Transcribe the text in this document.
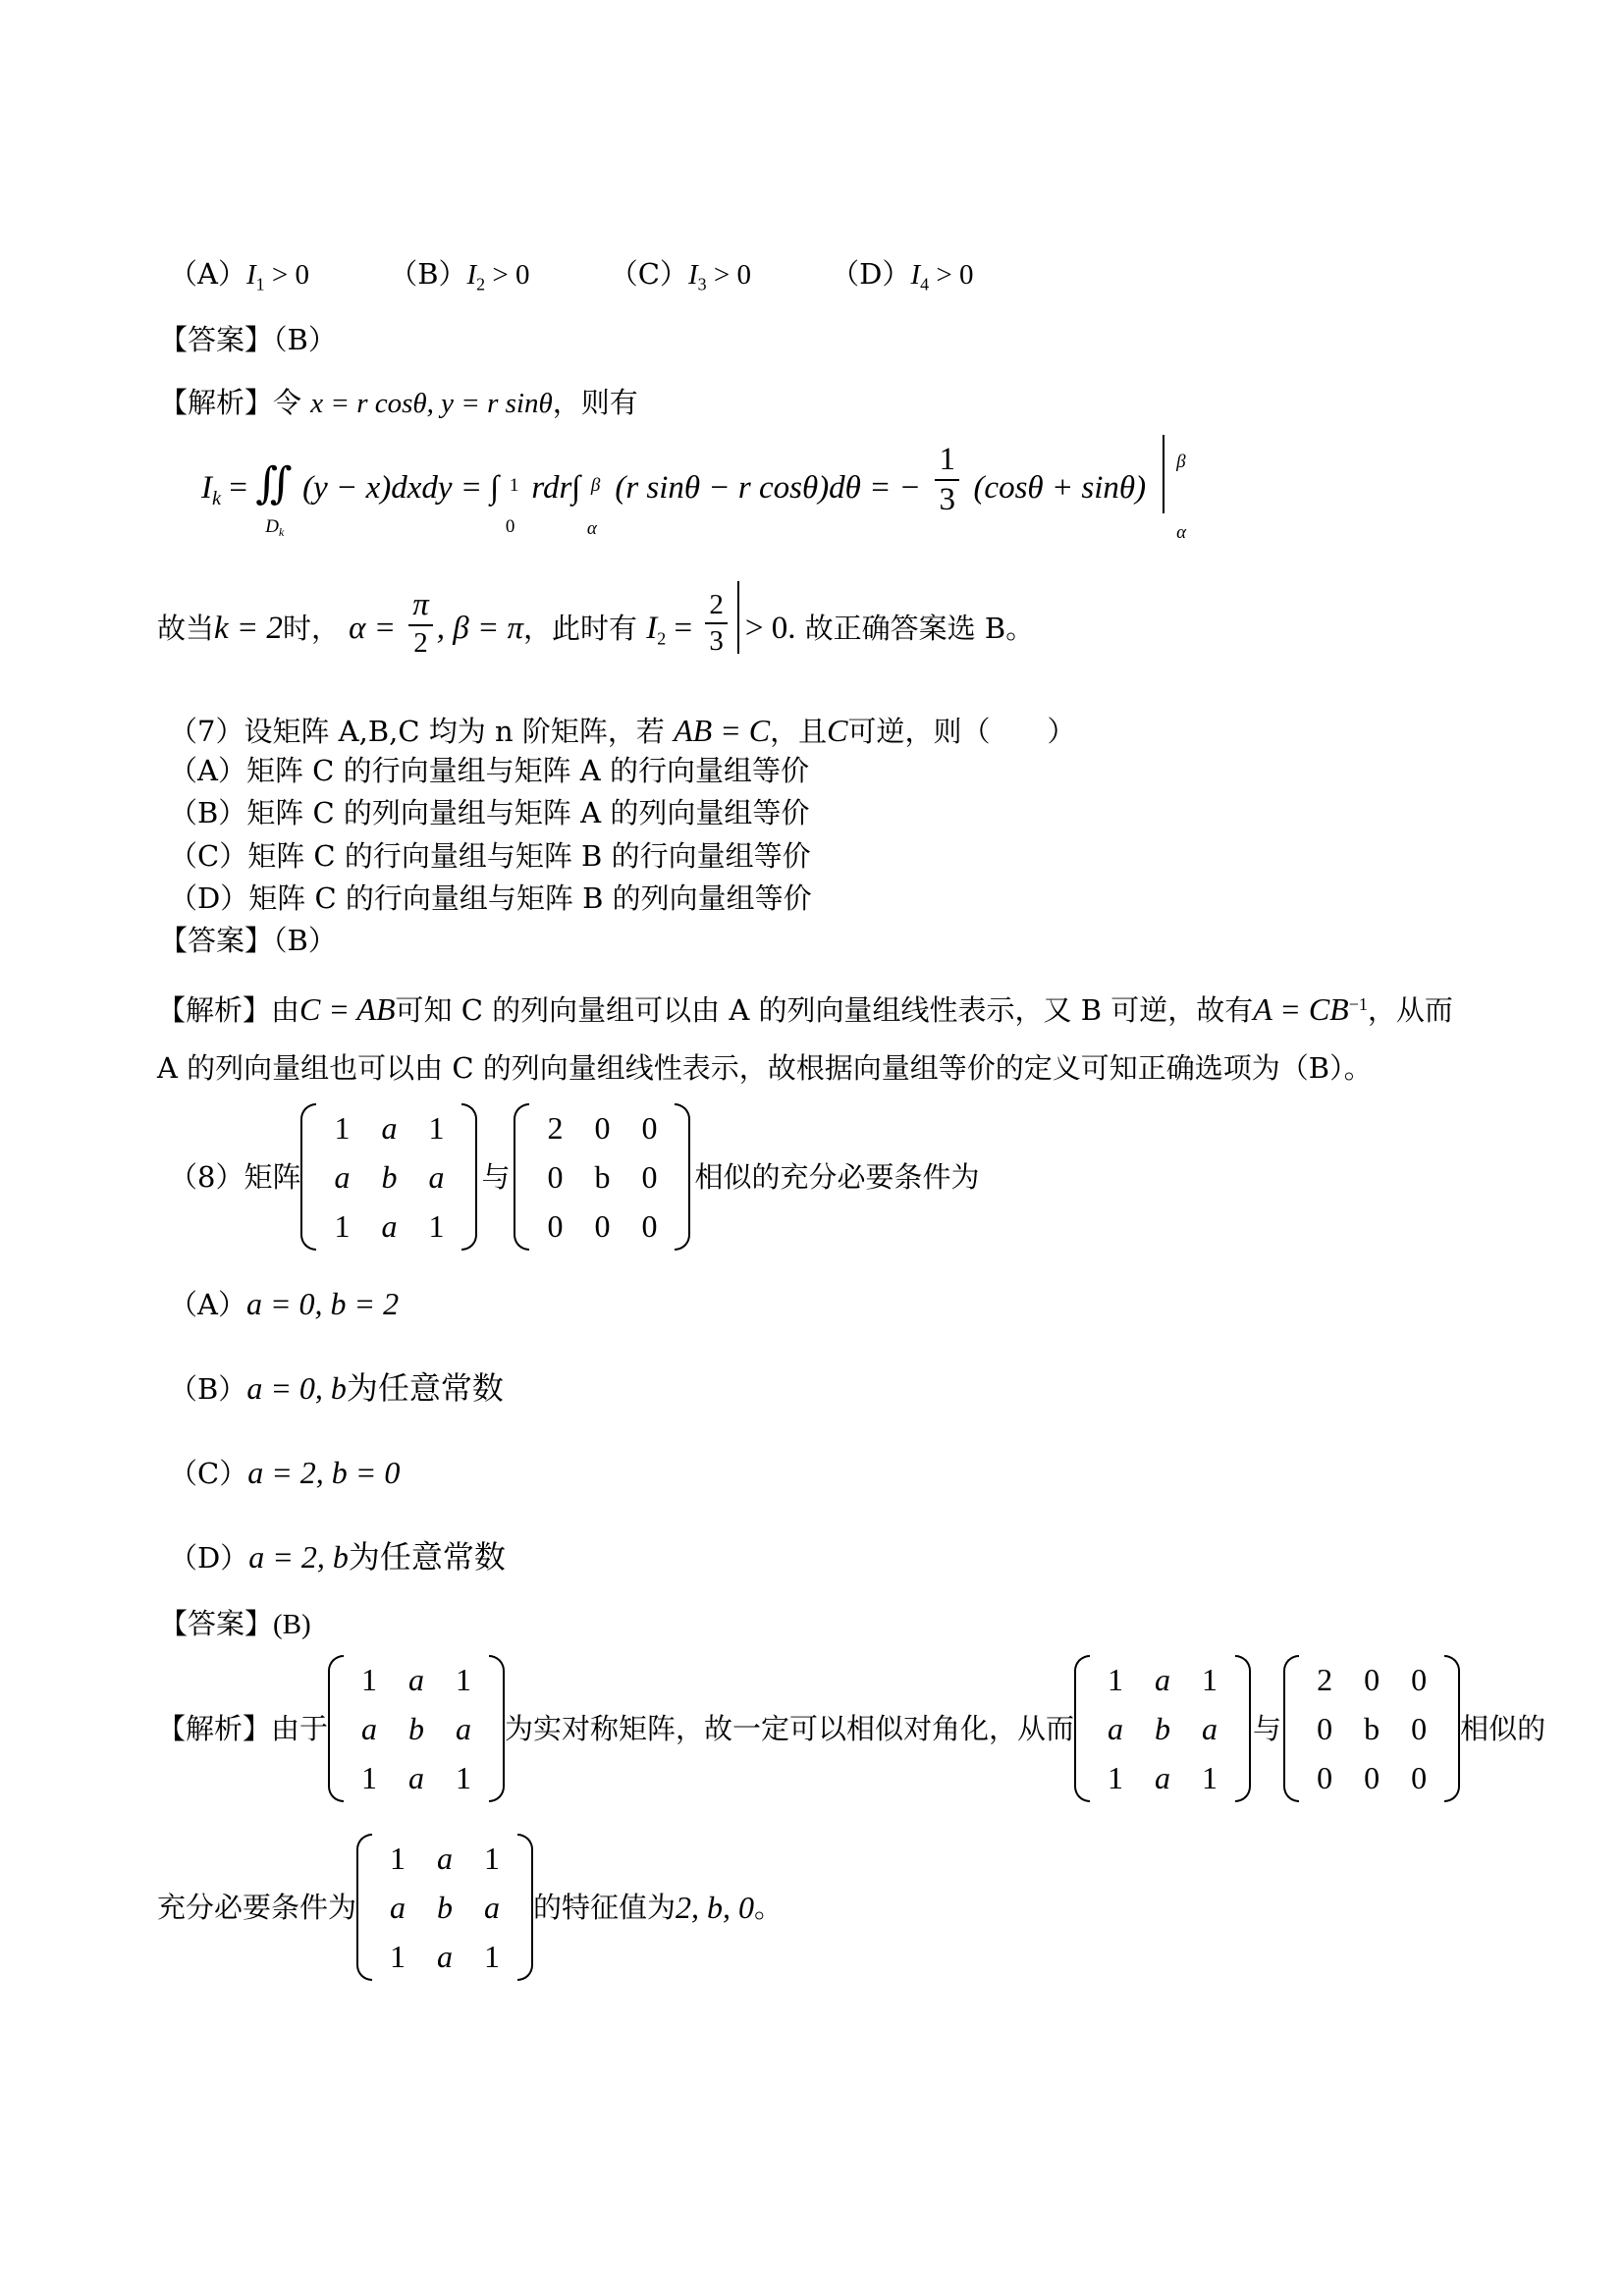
$(A)I_1 > 0$	$(B)I_2 > 0$	$(C)I_3 > 0$	$(D)I_4 > 0$
【答案】（B）
【解析】令 x = r cosθ, y = r sinθ，则有
$I_k$ = ∬
$D_k$
(y − x)dxdy = ∫ 1
0
rdr∫ β
α
(r sinθ − r cosθ)dθ = − $\frac{1}{3} (\cos\theta + \sin\theta)$
β
α
故当k = 2时， $\alpha = \frac{\pi}{2}$ , β = π，此时有 $I_2 = \frac{2}{3} > 0$. 故正确答案选 B。
（7）设矩阵 A,B,C 均为 n 阶矩阵，若 AB = C，且C可逆，则（　　）
（A）矩阵 C 的行向量组与矩阵 A 的行向量组等价
（B）矩阵 C 的列向量组与矩阵 A 的列向量组等价
（C）矩阵 C 的行向量组与矩阵 B 的行向量组等价
（D）矩阵 C 的行向量组与矩阵 B 的列向量组等价
【答案】（B）
【解析】由C = AB可知 C 的列向量组可以由 A 的列向量组线性表示，又 B 可逆，故有$A = CB^{-1}$，从而
A 的列向量组也可以由 C 的列向量组线性表示，故根据向量组等价的定义可知正确选项为（B）。
（8）矩阵
1 a 1
a b a
1 a 1
与
2 0 0
0 b 0
0 0 0
相似的充分必要条件为
（A）a = 0, b = 2
（B）a = 0, b为任意常数
（C）a = 2, b = 0
（D）a = 2, b为任意常数
【答案】(B)
【解析】 由于
1 a 1
a b a
1 a 1
为实对称矩阵，故一定可以相似对角化，从而
1 a 1
a b a
1 a 1
与
2 0 0
0 b 0
0 0 0
相似的
充分必要条件为
1 a 1
a b a
1 a 1
的特征值为 2, b, 0 。
